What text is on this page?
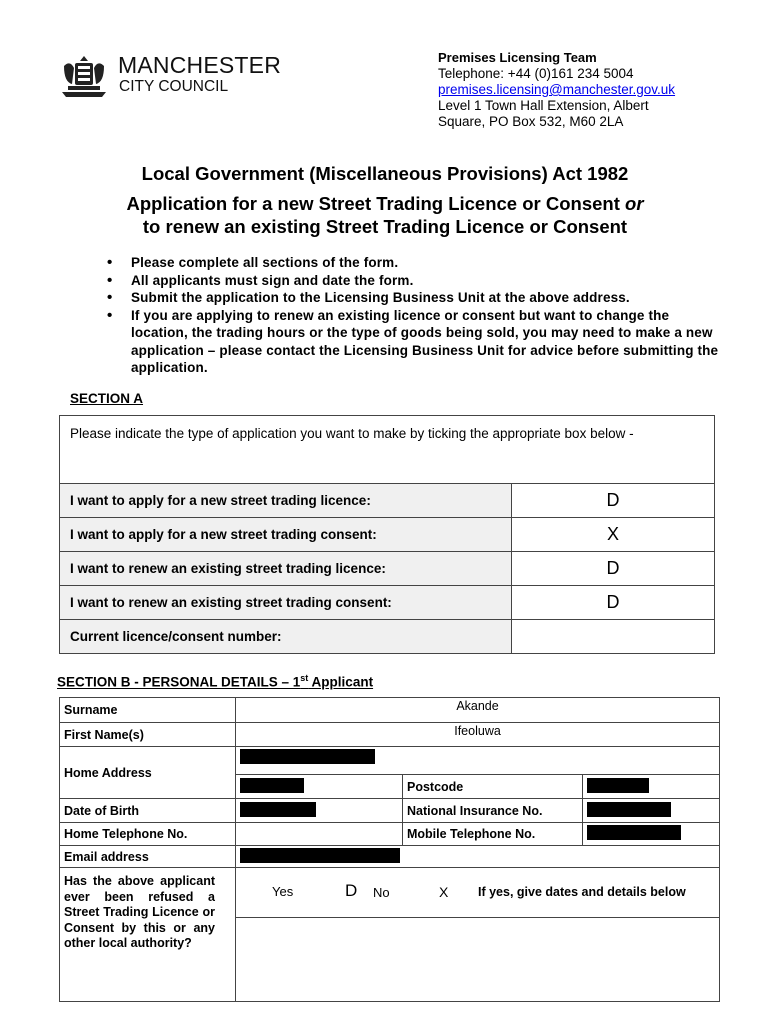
MANCHESTER
CITY COUNCIL
Premises Licensing Team
Telephone: +44 (0)161 234 5004
premises.licensing@manchester.gov.uk
Level 1 Town Hall Extension, Albert
Square, PO Box 532, M60 2LA
Local Government (Miscellaneous Provisions) Act 1982
Application for a new Street Trading Licence or Consent or
to renew an existing Street Trading Licence or Consent
• Please complete all sections of the form.
• All applicants must sign and date the form.
• Submit the application to the Licensing Business Unit at the above address.
• If you are applying to renew an existing licence or consent but want to change the location, the trading hours or the type of goods being sold, you may need to make a new application – please contact the Licensing Business Unit for advice before submitting the application.
SECTION A
Please indicate the type of application you want to make by ticking the appropriate box below -	
I want to apply for a new street trading licence:	D
I want to apply for a new street trading consent:	X
I want to renew an existing street trading licence:	D
I want to renew an existing street trading consent:	D
Current licence/consent number:	
SECTION B - PERSONAL DETAILS – 1st Applicant
Surname	Akande		
First Name(s)	Ifeoluwa		
Home Address			
		Postcode	
Date of Birth		National Insurance No.	
Home Telephone No.		Mobile Telephone No.	
Email address			
Has the above applicant ever been refused a Street Trading Licence or Consent by this or any other local authority?	Yes D No X If yes, give dates and details below		
